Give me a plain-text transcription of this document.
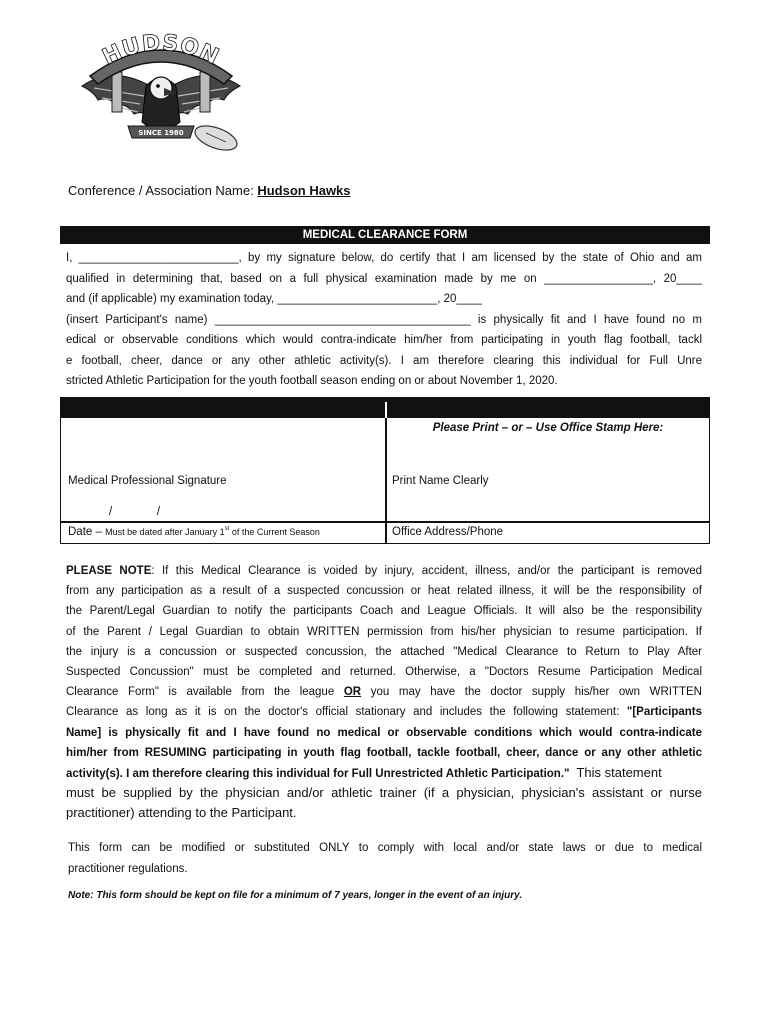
HUDSON
SINCE 1980
Conference / Association Name: Hudson Hawks
MEDICAL CLEARANCE FORM
I, _________________________, by my signature below, do certify that I am licensed by the state of Ohio and am
qualified in determining that, based on a full physical examination made by me on _________________, 20____
and (if applicable) my examination today, _________________________, 20____
(insert Participant's name) ________________________________________ is physically fit and I have found no m
edical or observable conditions which would contra-indicate him/her from participating in youth flag football, tackl
e football, cheer, dance or any other athletic activity(s). I am therefore clearing this individual for Full Unre
stricted Athletic Participation for the youth football season ending on or about November 1, 2020.
Please Print – or – Use Office Stamp Here:
Medical Professional Signature	Print Name Clearly
/              /
Date – Must be dated after January 1st of the Current Season	Office Address/Phone
PLEASE NOTE: If this Medical Clearance is voided by injury, accident, illness, and/or the participant is removed
from any participation as a result of a suspected concussion or heat related illness, it will be the responsibility of
the Parent/Legal Guardian to notify the participants Coach and League Officials. It will also be the responsibility
of the Parent / Legal Guardian to obtain WRITTEN permission from his/her physician to resume participation. If
the injury is a concussion or suspected concussion, the attached "Medical Clearance to Return to Play After
Suspected Concussion" must be completed and returned. Otherwise, a "Doctors Resume Participation Medical
Clearance Form" is available from the league OR you may have the doctor supply his/her own WRITTEN
Clearance as long as it is on the doctor's official stationary and includes the following statement: "[Participants
Name] is physically fit and I have found no medical or observable conditions which would contra-indicate
him/her from RESUMING participating in youth flag football, tackle football, cheer, dance or any other athletic
activity(s). I am therefore clearing this individual for Full Unrestricted Athletic Participation."  This statement
must be supplied by the physician and/or athletic trainer (if a physician, physician's assistant or nurse
practitioner) attending to the Participant.
This form can be modified or substituted ONLY to comply with local and/or state laws or due to medical
practitioner regulations.
Note: This form should be kept on file for a minimum of 7 years, longer in the event of an injury.
